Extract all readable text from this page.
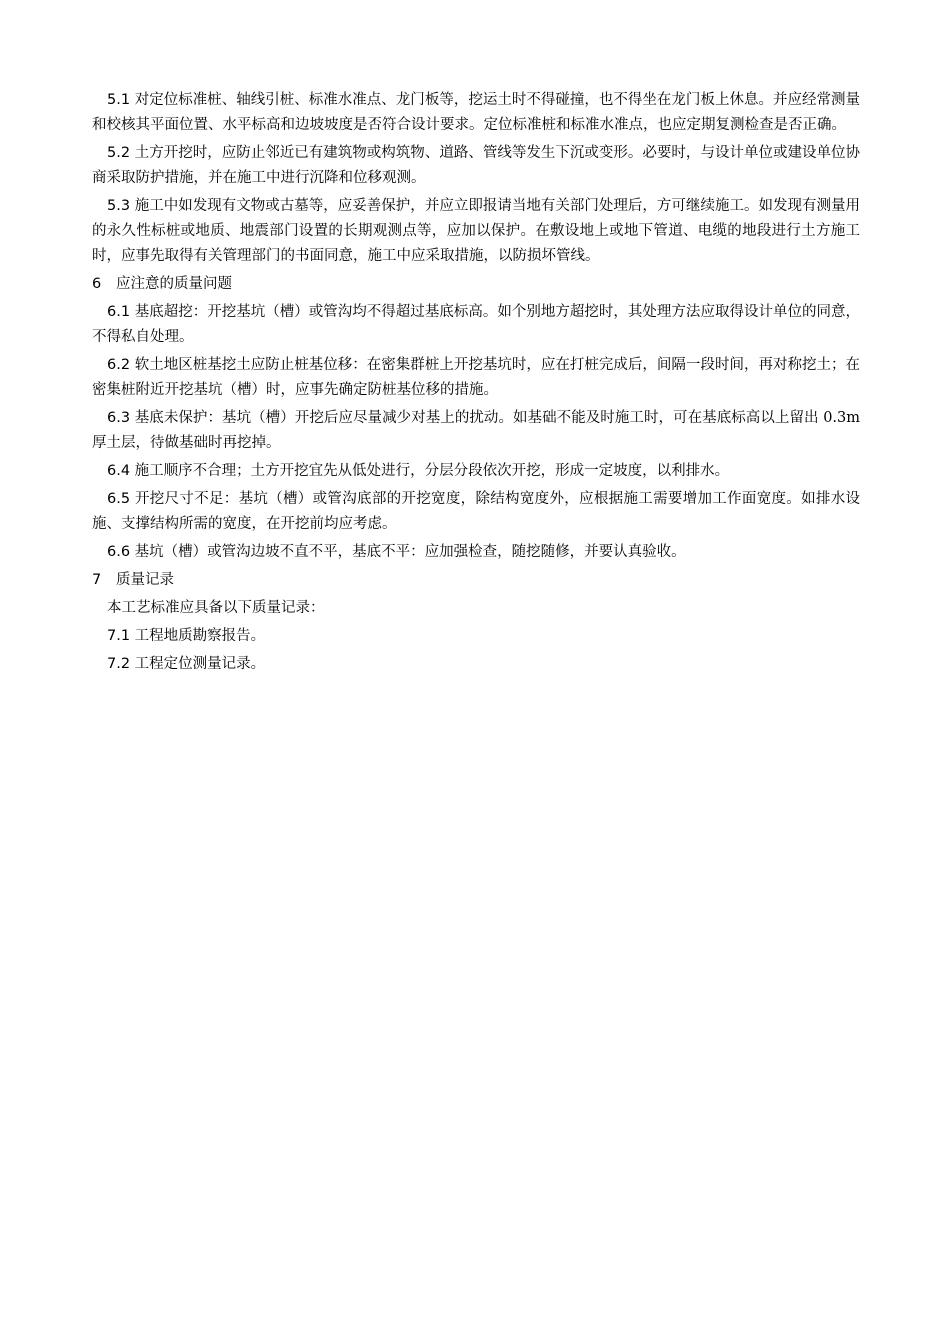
5.1 对定位标准桩、轴线引桩、标准水准点、龙门板等，挖运土时不得碰撞，也不得坐在龙门板上休息。并应经常测量和校核其平面位置、水平标高和边坡坡度是否符合设计要求。定位标准桩和标准水准点，也应定期复测检查是否正确。

5.2 土方开挖时，应防止邻近已有建筑物或构筑物、道路、管线等发生下沉或变形。必要时，与设计单位或建设单位协商采取防护措施，并在施工中进行沉降和位移观测。

5.3 施工中如发现有文物或古墓等，应妥善保护，并应立即报请当地有关部门处理后，方可继续施工。如发现有测量用的永久性标桩或地质、地震部门设置的长期观测点等，应加以保护。在敷设地上或地下管道、电缆的地段进行土方施工时，应事先取得有关管理部门的书面同意，施工中应采取措施，以防损坏管线。

6 应注意的质量问题

6.1 基底超挖：开挖基坑（槽）或管沟均不得超过基底标高。如个别地方超挖时，其处理方法应取得设计单位的同意，不得私自处理。

6.2 软土地区桩基挖土应防止桩基位移：在密集群桩上开挖基坑时，应在打桩完成后，间隔一段时间，再对称挖土；在密集桩附近开挖基坑（槽）时，应事先确定防桩基位移的措施。

6.3 基底未保护：基坑（槽）开挖后应尽量减少对基上的扰动。如基础不能及时施工时，可在基底标高以上留出 0.3m 厚土层，待做基础时再挖掉。

6.4 施工顺序不合理；土方开挖宜先从低处进行，分层分段依次开挖，形成一定坡度，以利排水。

6.5 开挖尺寸不足：基坑（槽）或管沟底部的开挖宽度，除结构宽度外，应根据施工需要增加工作面宽度。如排水设施、支撑结构所需的宽度，在开挖前均应考虑。

6.6 基坑（槽）或管沟边坡不直不平，基底不平：应加强检查，随挖随修，并要认真验收。

7 质量记录

本工艺标准应具备以下质量记录：

7.1 工程地质勘察报告。

7.2 工程定位测量记录。
